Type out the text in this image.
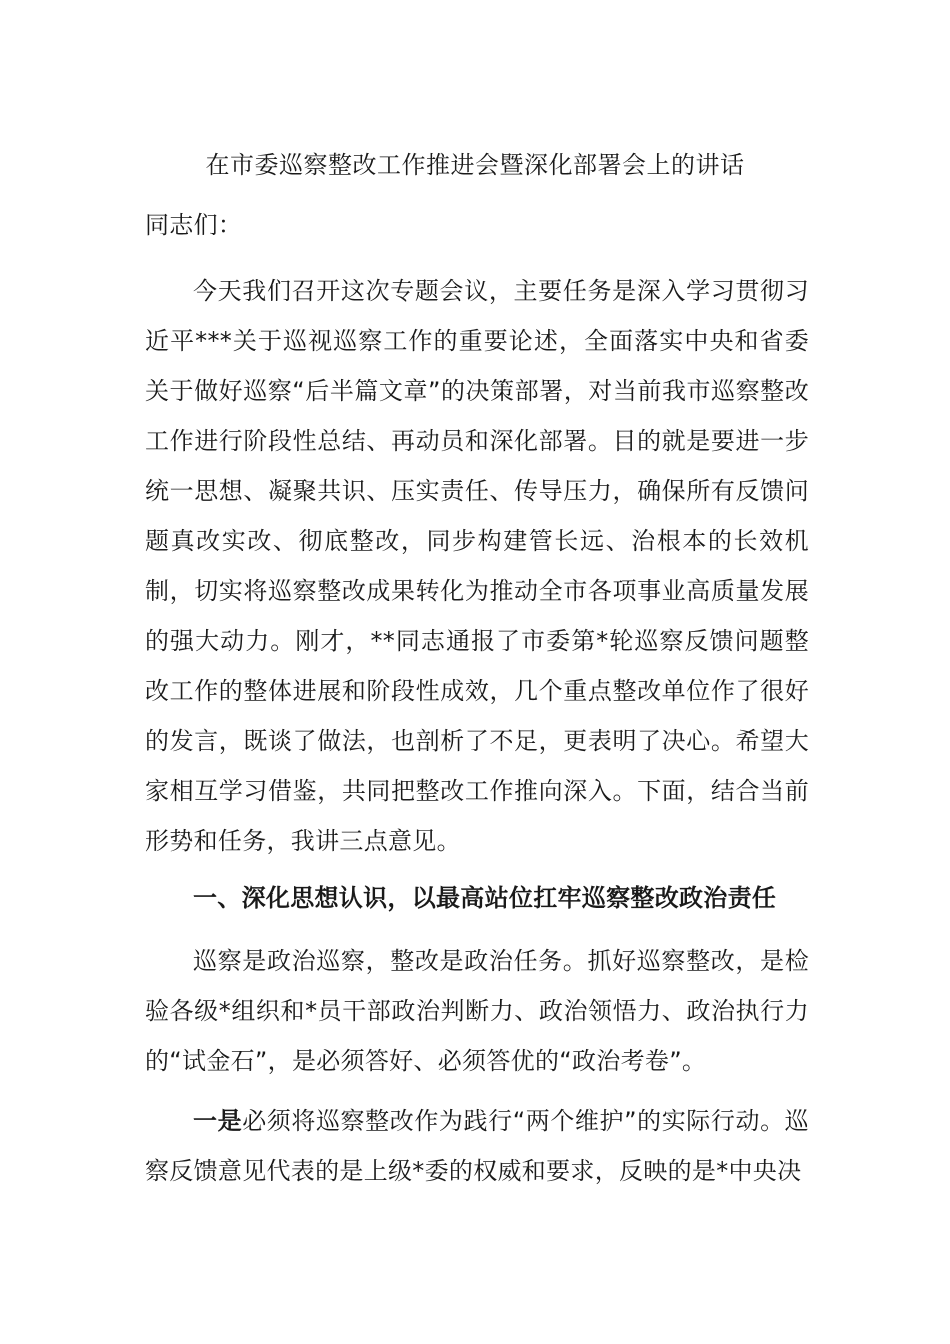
在市委巡察整改工作推进会暨深化部署会上的讲话

同志们：

今天我们召开这次专题会议，主要任务是深入学习贯彻习近平***关于巡视巡察工作的重要论述，全面落实中央和省委关于做好巡察“后半篇文章”的决策部署，对当前我市巡察整改工作进行阶段性总结、再动员和深化部署。目的就是要进一步统一思想、凝聚共识、压实责任、传导压力，确保所有反馈问题真改实改、彻底整改，同步构建管长远、治根本的长效机制，切实将巡察整改成果转化为推动全市各项事业高质量发展的强大动力。刚才，**同志通报了市委第*轮巡察反馈问题整改工作的整体进展和阶段性成效，几个重点整改单位作了很好的发言，既谈了做法，也剖析了不足，更表明了决心。希望大家相互学习借鉴，共同把整改工作推向深入。下面，结合当前形势和任务，我讲三点意见。

一、深化思想认识，以最高站位扛牢巡察整改政治责任

巡察是政治巡察，整改是政治任务。抓好巡察整改，是检验各级*组织和*员干部政治判断力、政治领悟力、政治执行力的“试金石”，是必须答好、必须答优的“政治考卷”。

一是必须将巡察整改作为践行“两个维护”的实际行动。巡察反馈意见代表的是上级*委的权威和要求，反映的是*中央决
